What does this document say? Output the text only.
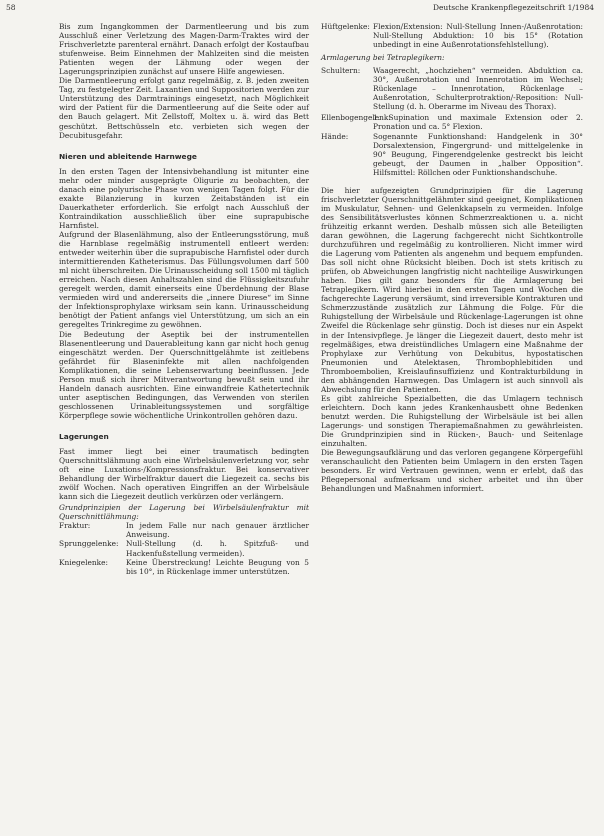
58	Deutsche Krankenpflegezeitschrift 1/1984

Bis zum Ingangkommen der Darmentleerung und bis zum Ausschluß einer Verletzung des Magen-Darm-Traktes wird der Frischverletzte parenteral ernährt. Danach erfolgt der Kostaufbau stufenweise. Beim Einnehmen der Mahlzeiten sind die meisten Patienten wegen der Lähmung oder wegen der Lagerungsprinzipien zunächst auf unsere Hilfe angewiesen.

Die Darmentleerung erfolgt ganz regelmäßig, z. B. jeden zweiten Tag, zu festgelegter Zeit. Laxantien und Suppositorien werden zur Unterstützung des Darmtrainings eingesetzt, nach Möglichkeit wird der Patient für die Darmentleerung auf die Seite oder auf den Bauch gelagert. Mit Zellstoff, Moltex u. ä. wird das Bett geschützt. Bettschüsseln etc. verbieten sich wegen der Decubitusgefahr.

Nieren und ableitende Harnwege

In den ersten Tagen der Intensivbehandlung ist mitunter eine mehr oder minder ausgeprägte Oligurie zu beobachten, der danach eine polyurische Phase von wenigen Tagen folgt. Für die exakte Bilanzierung in kurzen Zeitabständen ist ein Dauerkatheter erforderlich. Sie erfolgt nach Ausschluß der Kontraindikation ausschließlich über eine suprapubische Harnfistel.

Aufgrund der Blasenlähmung, also der Entleerungsstörung, muß die Harnblase regelmäßig instrumentell entleert werden: entweder weiterhin über die suprapubische Harnfistel oder durch intermittierenden Katheterismus. Das Füllungsvolumen darf 500 ml nicht überschreiten. Die Urinausscheidung soll 1500 ml täglich erreichen. Nach diesen Anhaltszahlen sind die Flüssigkeitszufuhr geregelt werden, damit einerseits eine Überdehnung der Blase vermieden wird und andererseits die „innere Diurese“ im Sinne der Infektionsprophylaxe wirksam sein kann. Urinausscheidung benötigt der Patient anfangs viel Unterstützung, um sich an ein geregeltes Trinkregime zu gewöhnen.

Die Bedeutung der Aseptik bei der instrumentellen Blasenentleerung und Dauerableitung kann gar nicht hoch genug eingeschätzt werden. Der Querschnittgelähmte ist zeitlebens gefährdet für Blaseninfekte mit allen nachfolgenden Komplikationen, die seine Lebenserwartung beeinflussen. Jede Person muß sich ihrer Mitverantwortung bewußt sein und ihr Handeln danach ausrichten. Eine einwandfreie Kathetertechnik unter aseptischen Bedingungen, das Verwenden von sterilen geschlossenen Urinableitungssystemen und sorgfältige Körperpflege sowie wöchentliche Urinkontrollen gehören dazu.

Lagerungen

Fast immer liegt bei einer traumatisch bedingten Querschnittslähmung auch eine Wirbelsäulenverletzung vor, sehr oft eine Luxations-/Kompressionsfraktur. Bei konservativer Behandlung der Wirbelfraktur dauert die Liegezeit ca. sechs bis zwölf Wochen. Nach operativen Eingriffen an der Wirbelsäule kann sich die Liegezeit deutlich verkürzen oder verlängern.

Grundprinzipien der Lagerung bei Wirbelsäulenfraktur mit Querschnittlähmung:

Fraktur:	In jedem Falle nur nach genauer ärztlicher Anweisung.
Sprunggelenke:	Null-Stellung (d. h. Spitzfuß- und Hackenfußstellung vermeiden).
Kniegelenke:	Keine Überstreckung! Leichte Beugung von 5 bis 10°, in Rückenlage immer unterstützen.
Hüftgelenke: Flexion/Extension: Null-Stellung Innen-/Außenrotation: Null-Stellung Abduktion: 10 bis 15° (Rotation unbedingt in eine Außenrotationsfehlstellung).

Armlagerung bei Tetraplegikern:

Schultern:	Waagerecht, „hochziehen“ vermeiden. Abduktion ca. 30°, Außenrotation und Innenrotation im Wechsel; Rückenlage – Innenrotation, Rückenlage – Außenrotation, Schulterprotraktion/-Reposition: Null-Stellung (d. h. Oberarme im Niveau des Thorax).
Ellenbogengelenk:
1. Supination und maximale Extension oder 2. Pronation und ca. 5° Flexion.
Hände:	Sogenannte Funktionshand: Handgelenk in 30° Dorsalextension, Fingergrund- und mittelgelenke in 90° Beugung, Fingerendgelenke gestreckt bis leicht gebeugt, der Daumen in „halber Opposition“. Hilfsmittel: Röllchen oder Funktionshandschuhe.

Die hier aufgezeigten Grundprinzipien für die Lagerung frischverletzter Querschnittgelähmter sind geeignet, Komplikationen im Muskulatur, Sehnen- und Gelenkkapseln zu vermeiden. Infolge des Sensibilitätsverlustes können Schmerzreaktionen u. a. nicht frühzeitig erkannt werden. Deshalb müssen sich alle Beteiligten daran gewöhnen, die Lagerung fachgerecht nicht Sichtkontrolle durchzuführen und regelmäßig zu kontrollieren. Nicht immer wird die Lagerung vom Patienten als angenehm und bequem empfunden. Das soll nicht ohne Rücksicht bleiben. Doch ist stets kritisch zu prüfen, ob Abweichungen langfristig nicht nachteilige Auswirkungen haben. Dies gilt ganz besonders für die Armlagerung bei Tetraplegikern. Wird hierbei in den ersten Tagen und Wochen die fachgerechte Lagerung versäumt, sind irreversible Kontrakturen und Schmerzzustände zusätzlich zur Lähmung die Folge. Für die Ruhigstellung der Wirbelsäule und Rückenlage-Lagerungen ist ohne Zweifel die Rückenlage sehr günstig. Doch ist dieses nur ein Aspekt in der Intensivpflege. Je länger die Liegezeit dauert, desto mehr ist regelmäßiges, etwa dreistündliches Umlagern eine Maßnahme der Prophylaxe zur Verhütung von Dekubitus, hypostatischen Pneumonien und Atelektasen, Thrombophlebitiden und Thromboembolien, Kreislaufinsuffizienz und Kontrakturbildung in den abhängenden Harnwegen. Das Umlagern ist auch sinnvoll als Abwechslung für den Patienten.

Es gibt zahlreiche Spezialbetten, die das Umlagern technisch erleichtern. Doch kann jedes Krankenhausbett ohne Bedenken benutzt werden. Die Ruhigstellung der Wirbelsäule ist bei allen Lagerungs- und sonstigen Therapiemaßnahmen zu gewährleisten. Die Grundprinzipien sind in Rücken-, Bauch- und Seitenlage einzuhalten.

Die Bewegungsaufklärung und das verloren gegangene Körpergefühl veranschaulicht den Patienten beim Umlagern in den ersten Tagen besonders. Er wird Vertrauen gewinnen, wenn er erlebt, daß das Pflegepersonal aufmerksam und sicher arbeitet und ihn über Behandlungen und Maßnahmen informiert.
